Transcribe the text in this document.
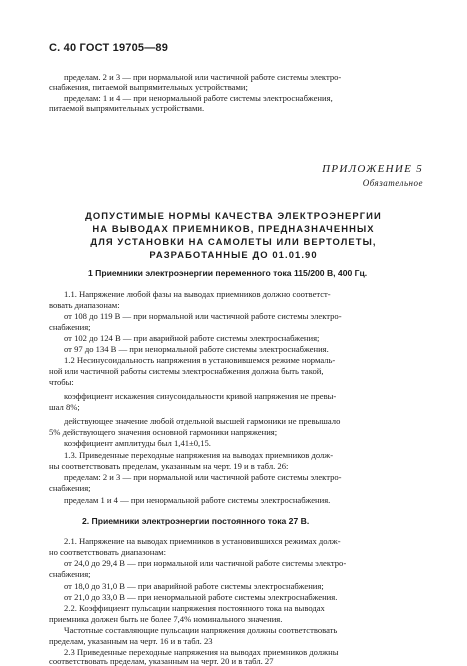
С. 40 ГОСТ 19705—89
пределам. 2 и 3 — при нормальной или частичной работе системы электро-
снабжения, питаемой выпрямительных устройствами;
пределам: 1 и 4 — при ненормальной работе системы электроснабжения,
питаемой выпрямительных устройствами.
ПРИЛОЖЕНИЕ 5
Обязательное
ДОПУСТИМЫЕ НОРМЫ КАЧЕСТВА ЭЛЕКТРОЭНЕРГИИ
НА ВЫВОДАХ ПРИЕМНИКОВ, ПРЕДНАЗНАЧЕННЫХ
ДЛЯ УСТАНОВКИ НА САМОЛЕТЫ ИЛИ ВЕРТОЛЕТЫ,
РАЗРАБОТАННЫЕ ДО 01.01.90
1 Приемники электроэнергии переменного тока 115/200 В, 400 Гц.
1.1. Напряжение любой фазы на выводах приемников должно соответст-
вовать диапазонам:
от 108 до 119 В — при нормальной или частичной работе системы электро-
снабжения;
от 102 до 124 В — при аварийной работе системы электроснабжения;
от 97 до 134 В — при ненормальной работе системы электроснабжения.
1.2 Несинусоидальность напряжения в установившемся режиме нормаль-
ной или частичной работы системы электроснабжения должна быть такой,
чтобы:
коэффициент искажения синусоидальности кривой напряжения не превы-
шал 8%;
действующее значение любой отдельной высшей гармоники не превышало
5% действующего значения основной гармоники напряжения;
коэффициент амплитуды был 1,41±0,15.
1.3. Приведенные переходные напряжения на выводах приемников долж-
ны соответствовать пределам, указанным на черт. 19 и в табл. 26:
пределам: 2 и 3 — при нормальной или частичной работе системы электро-
снабжения;
пределам 1 и 4 — при ненормальной работе системы электроснабжения.
2. Приемники электроэнергии постоянного тока 27 В.
2.1. Напряжение на выводах приемников в установившихся режимах долж-
но соответствовать диапазонам:
от 24,0 до 29,4 В — при нормальной или частичной работе системы электро-
снабжения;
от 18,0 до 31,0 В — при аварийной работе системы электроснабжения;
от 21,0 до 33,0 В — при ненормальной работе системы электроснабжения.
2.2. Коэффициент пульсации напряжения постоянного тока на выводах
приемника должен быть не более 7,4% номинального значения.
Частотные составляющие пульсации напряжения должны соответствовать
пределам, указанным на черт. 16 и в табл. 23
2.3 Приведенные переходные напряжения на выводах приемников должны
соответствовать пределам, указанным на черт. 20 и в табл. 27
